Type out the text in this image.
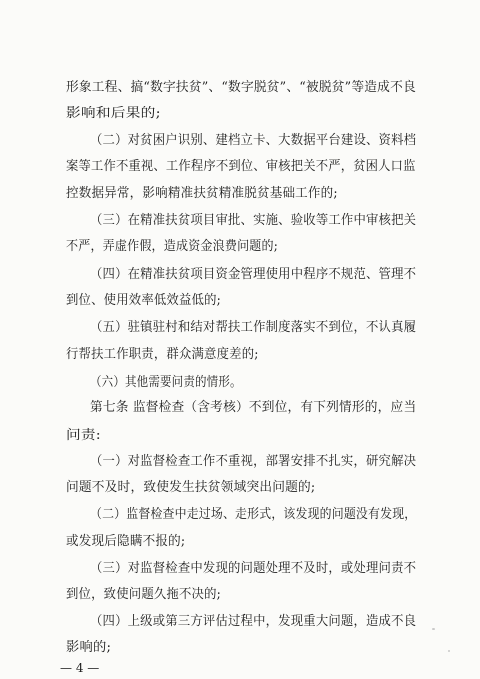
形象工程、搞“数字扶贫”、“数字脱贫”、“被脱贫”等造成不良
影响和后果的;
（二）对贫困户识别、建档立卡、大数据平台建设、资料档
案等工作不重视、工作程序不到位、审核把关不严，贫困人口监
控数据异常，影响精准扶贫精准脱贫基础工作的;
（三）在精准扶贫项目审批、实施、验收等工作中审核把关
不严，弄虚作假，造成资金浪费问题的;
（四）在精准扶贫项目资金管理使用中程序不规范、管理不
到位、使用效率低效益低的;
（五）驻镇驻村和结对帮扶工作制度落实不到位，不认真履
行帮扶工作职责，群众满意度差的;
（六）其他需要问责的情形。
第七条 监督检查（含考核）不到位，有下列情形的，应当
问责:
（一）对监督检查工作不重视，部署安排不扎实，研究解决
问题不及时，致使发生扶贫领域突出问题的;
（二）监督检查中走过场、走形式，该发现的问题没有发现，
或发现后隐瞒不报的;
（三）对监督检查中发现的问题处理不及时，或处理问责不
到位，致使问题久拖不决的;
（四）上级或第三方评估过程中，发现重大问题，造成不良
影响的;
— 4 —
